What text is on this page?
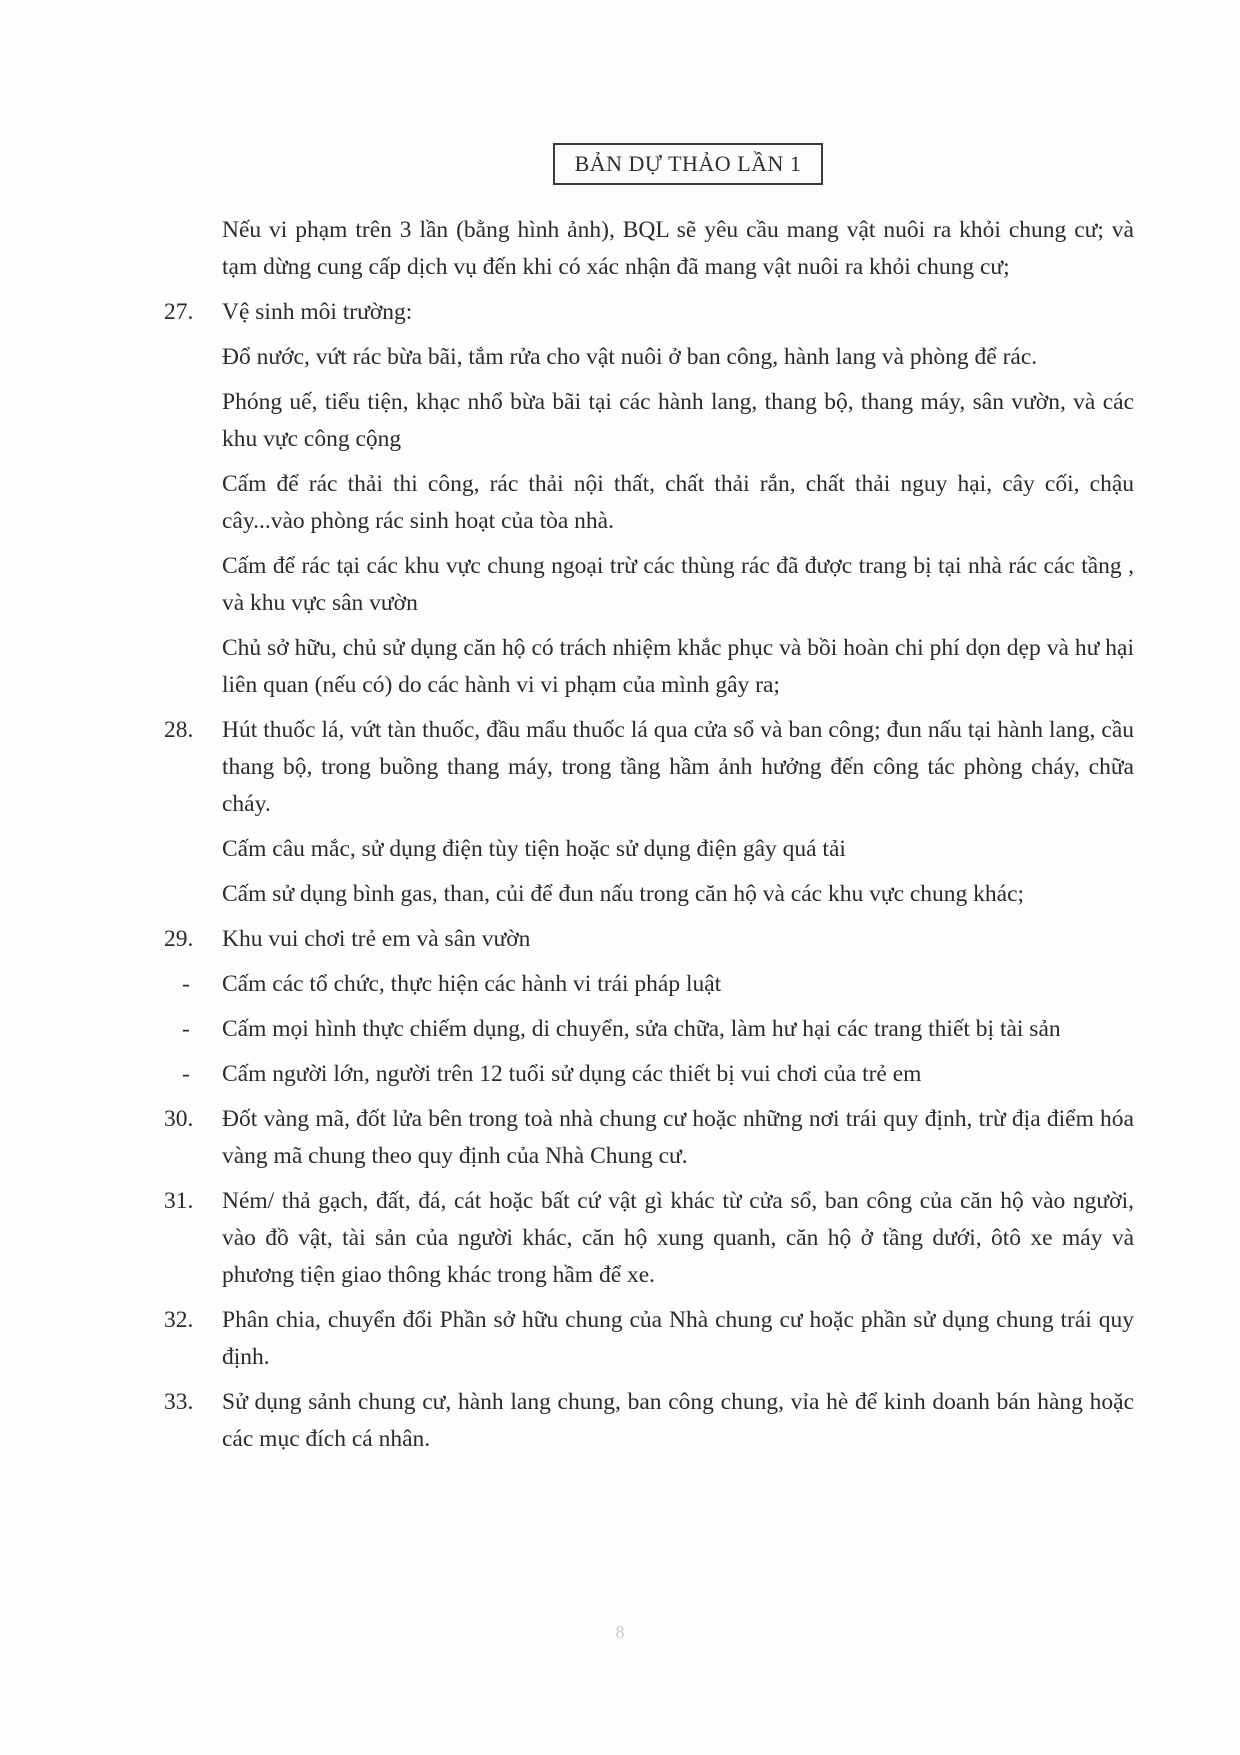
BẢN DỰ THẢO LẦN 1

Nếu vi phạm trên 3 lần (bằng hình ảnh), BQL sẽ yêu cầu mang vật nuôi ra khỏi chung cư; và tạm dừng cung cấp dịch vụ đến khi có xác nhận đã mang vật nuôi ra khỏi chung cư;

27.	Vệ sinh môi trường:

Đổ nước, vứt rác bừa bãi, tắm rửa cho vật nuôi ở ban công, hành lang và phòng để rác.

Phóng uế, tiểu tiện, khạc nhổ bừa bãi tại các hành lang, thang bộ, thang máy, sân vườn, và các khu vực công cộng

Cấm để rác thải thi công, rác thải nội thất, chất thải rắn, chất thải nguy hại, cây cối, chậu cây...vào phòng rác sinh hoạt của tòa nhà.

Cấm để rác tại các khu vực chung ngoại trừ các thùng rác đã được trang bị tại nhà rác các tầng , và khu vực sân vườn

Chủ sở hữu, chủ sử dụng căn hộ có trách nhiệm khắc phục và bồi hoàn chi phí dọn dẹp và hư hại liên quan (nếu có) do các hành vi vi phạm của mình gây ra;

28.	Hút thuốc lá, vứt tàn thuốc, đầu mẩu thuốc lá qua cửa sổ và ban công; đun nấu tại hành lang, cầu thang bộ, trong buồng thang máy, trong tầng hầm ảnh hưởng đến công tác phòng cháy, chữa cháy.

Cấm câu mắc, sử dụng điện tùy tiện hoặc sử dụng điện gây quá tải

Cấm sử dụng bình gas, than, củi để đun nấu trong căn hộ và các khu vực chung khác;

29.	Khu vui chơi trẻ em và sân vườn
- Cấm các tổ chức, thực hiện các hành vi trái pháp luật
- Cấm mọi hình thực chiếm dụng, di chuyển, sửa chữa, làm hư hại các trang thiết bị tài sản
- Cấm người lớn, người trên 12 tuổi sử dụng các thiết bị vui chơi của trẻ em
30.	Đốt vàng mã, đốt lửa bên trong toà nhà chung cư hoặc những nơi trái quy định, trừ địa điểm hóa vàng mã chung theo quy định của Nhà Chung cư.
31.	Ném/ thả gạch, đất, đá, cát hoặc bất cứ vật gì khác từ cửa sổ, ban công của căn hộ vào người, vào đồ vật, tài sản của người khác, căn hộ xung quanh, căn hộ ở tầng dưới, ôtô xe máy và phương tiện giao thông khác trong hầm để xe.
32.	Phân chia, chuyển đổi Phần sở hữu chung của Nhà chung cư hoặc phần sử dụng chung trái quy định.
33.	Sử dụng sảnh chung cư, hành lang chung, ban công chung, vỉa hè để kinh doanh bán hàng hoặc các mục đích cá nhân.
8
